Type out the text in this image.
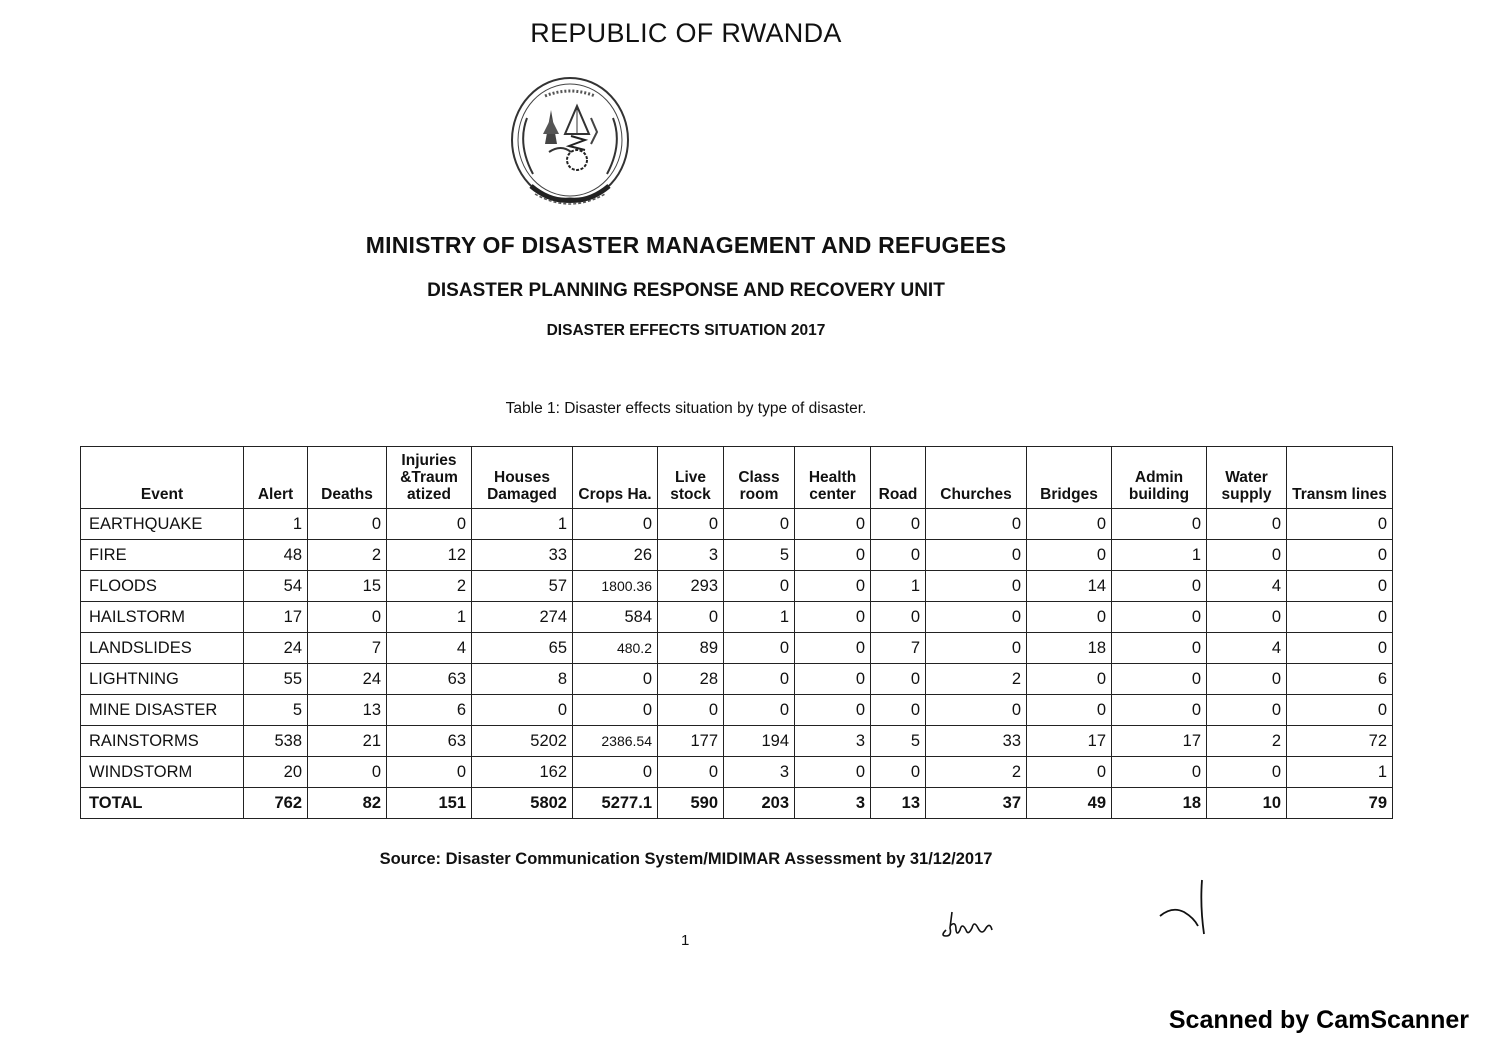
REPUBLIC OF RWANDA
MINISTRY OF DISASTER MANAGEMENT AND REFUGEES
DISASTER PLANNING RESPONSE AND RECOVERY UNIT
DISASTER EFFECTS SITUATION 2017
Table 1: Disaster effects situation by type of disaster.
Event	Alert	Deaths	Injuries &Traum atized	Houses Damaged	Crops Ha.	Live stock	Class room	Health center	Road	Churches	Bridges	Admin building	Water supply	Transm lines
EARTHQUAKE	1	0	0	1	0	0	0	0	0	0	0	0	0	0
FIRE	48	2	12	33	26	3	5	0	0	0	0	1	0	0
FLOODS	54	15	2	57	1800.36	293	0	0	1	0	14	0	4	0
HAILSTORM	17	0	1	274	584	0	1	0	0	0	0	0	0	0
LANDSLIDES	24	7	4	65	480.2	89	0	0	7	0	18	0	4	0
LIGHTNING	55	24	63	8	0	28	0	0	0	2	0	0	0	6
MINE DISASTER	5	13	6	0	0	0	0	0	0	0	0	0	0	0
RAINSTORMS	538	21	63	5202	2386.54	177	194	3	5	33	17	17	2	72
WINDSTORM	20	0	0	162	0	0	3	0	0	2	0	0	0	1
TOTAL	762	82	151	5802	5277.1	590	203	3	13	37	49	18	10	79
Source: Disaster Communication System/MIDIMAR Assessment by 31/12/2017
1
Scanned by CamScanner
